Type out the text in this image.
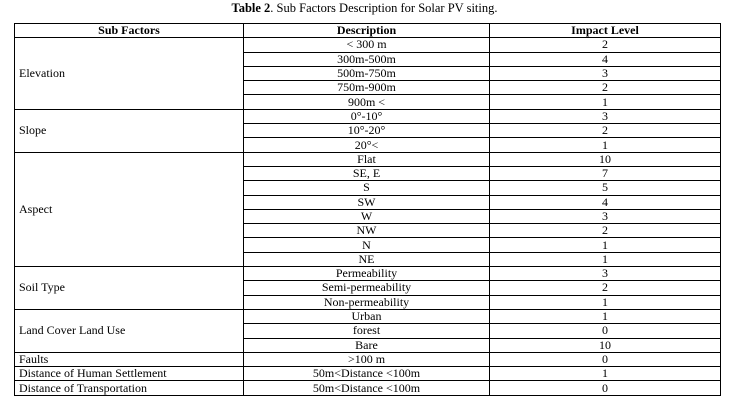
Table 2. Sub Factors Description for Solar PV siting.
Sub Factors	Description	Impact Level
Elevation	< 300 m	2
	300m-500m	4
	500m-750m	3
	750m-900m	2
	900m <	1
Slope	0°-10°	3
	10°-20°	2
	20°<	1
Aspect	Flat	10
	SE, E	7
	S	5
	SW	4
	W	3
	NW	2
	N	1
	NE	1
Soil Type	Permeability	3
	Semi-permeability	2
	Non-permeability	1
Land Cover Land Use	Urban	1
	forest	0
	Bare	10
Faults	>100 m	0
Distance of Human Settlement	50m<Distance <100m	1
Distance of Transportation	50m<Distance <100m	0
